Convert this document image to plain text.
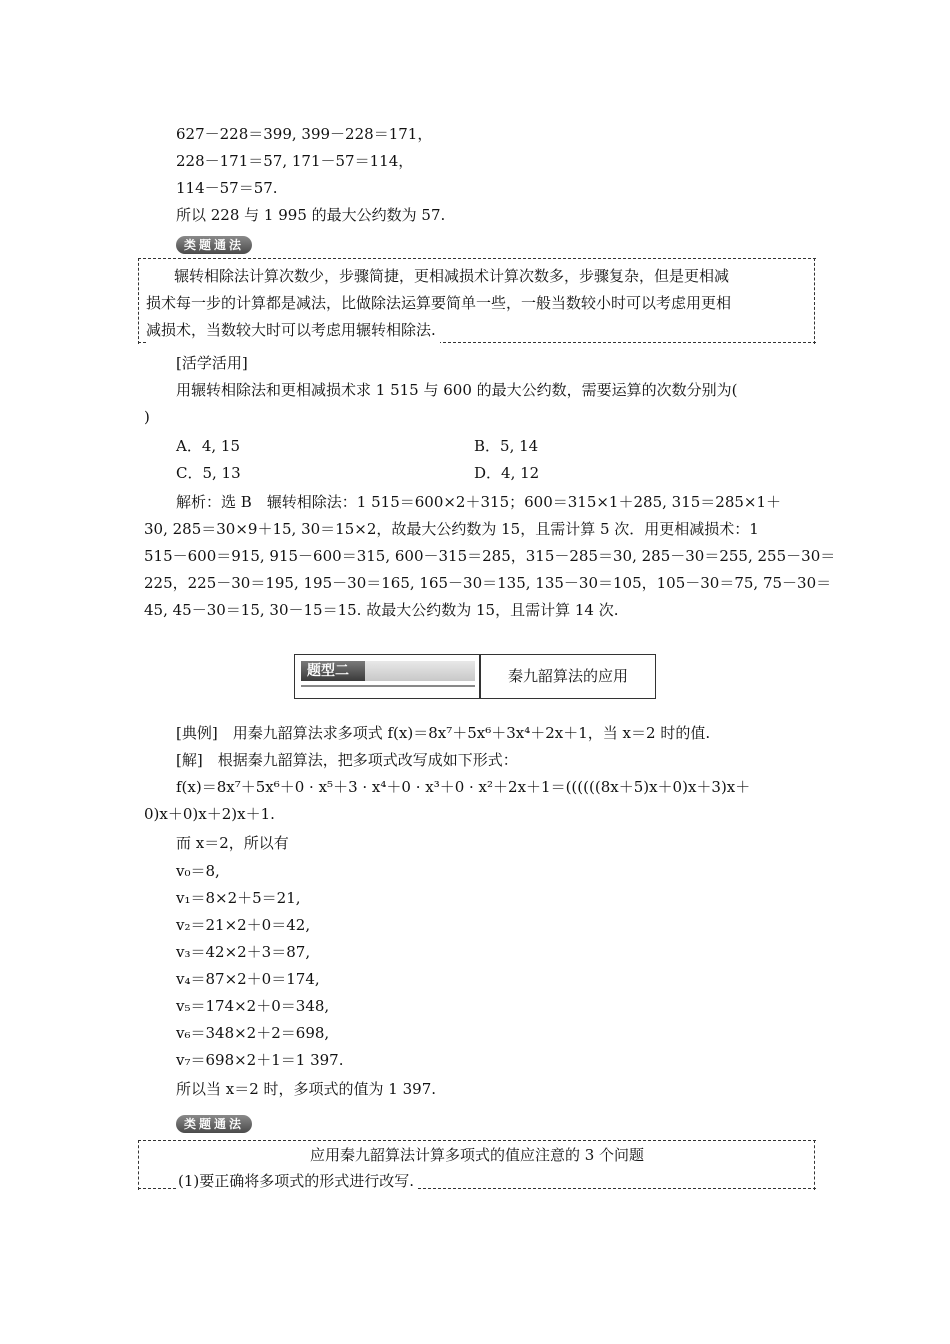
627－228＝399, 399－228＝171，
228－171＝57, 171－57＝114，
114－57＝57.
所以 228 与 1 995 的最大公约数为 57.
类题通法
辗转相除法计算次数少，步骤简捷，更相减损术计算次数多，步骤复杂，但是更相减
损术每一步的计算都是减法，比做除法运算要简单一些，一般当数较小时可以考虑用更相
减损术，当数较大时可以考虑用辗转相除法.
[活学活用]
用辗转相除法和更相减损术求 1 515 与 600 的最大公约数，需要运算的次数分别为(
)
A．4, 15	B．5, 14
C．5, 13	D．4, 12
解析：选 B　辗转相除法：1 515＝600×2＋315；600＝315×1＋285, 315＝285×1＋
30, 285＝30×9＋15, 30＝15×2，故最大公约数为 15，且需计算 5 次．用更相减损术：1
515－600＝915, 915－600＝315, 600－315＝285，315－285＝30, 285－30＝255, 255－30＝
225，225－30＝195, 195－30＝165, 165－30＝135, 135－30＝105，105－30＝75, 75－30＝
45, 45－30＝15, 30－15＝15. 故最大公约数为 15，且需计算 14 次.
题型二	秦九韶算法的应用
[典例]　用秦九韶算法求多项式 f(x)＝8x⁷＋5x⁶＋3x⁴＋2x＋1，当 x＝2 时的值.
[解]　根据秦九韶算法，把多项式改写成如下形式：
f(x)＝8x⁷＋5x⁶＋0 · x⁵＋3 · x⁴＋0 · x³＋0 · x²＋2x＋1＝((((((8x＋5)x＋0)x＋3)x＋
0)x＋0)x＋2)x＋1.
而 x＝2，所以有
v₀＝8,
v₁＝8×2＋5＝21,
v₂＝21×2＋0＝42,
v₃＝42×2＋3＝87,
v₄＝87×2＋0＝174,
v₅＝174×2＋0＝348,
v₆＝348×2＋2＝698,
v₇＝698×2＋1＝1 397.
所以当 x＝2 时，多项式的值为 1 397.
类题通法
应用秦九韶算法计算多项式的值应注意的 3 个问题
(1)要正确将多项式的形式进行改写.
